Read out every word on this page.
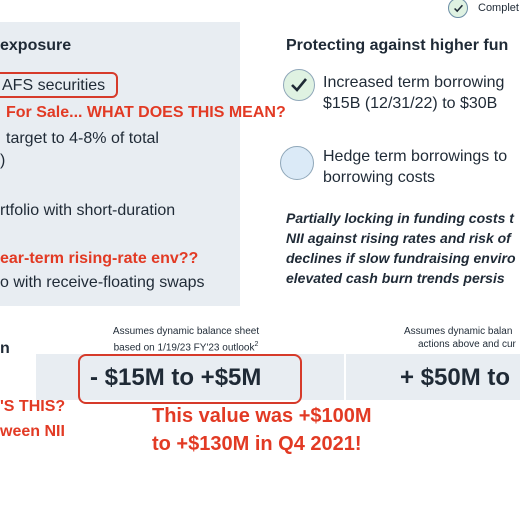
Complet
exposure
AFS securities
For Sale... WHAT DOES THIS MEAN?
target to 4-8% of total
)
rtfolio with short-duration
ear-term rising-rate env??
o with receive-floating swaps
Protecting against higher fun
Increased term borrowing
$15B (12/31/22) to $30B
Hedge term borrowings to
borrowing costs
Partially locking in funding costs t
NII against rising rates and risk of
declines if slow fundraising enviro
elevated cash burn trends persis
n
Assumes dynamic balance sheet
based on 1/19/23 FY'23 outlook$^2$
Assumes dynamic balan
actions above and cur
- $15M to +$5M	+ $50M to
'S THIS?
ween NII
This value was +$100M
to +$130M in Q4 2021!
